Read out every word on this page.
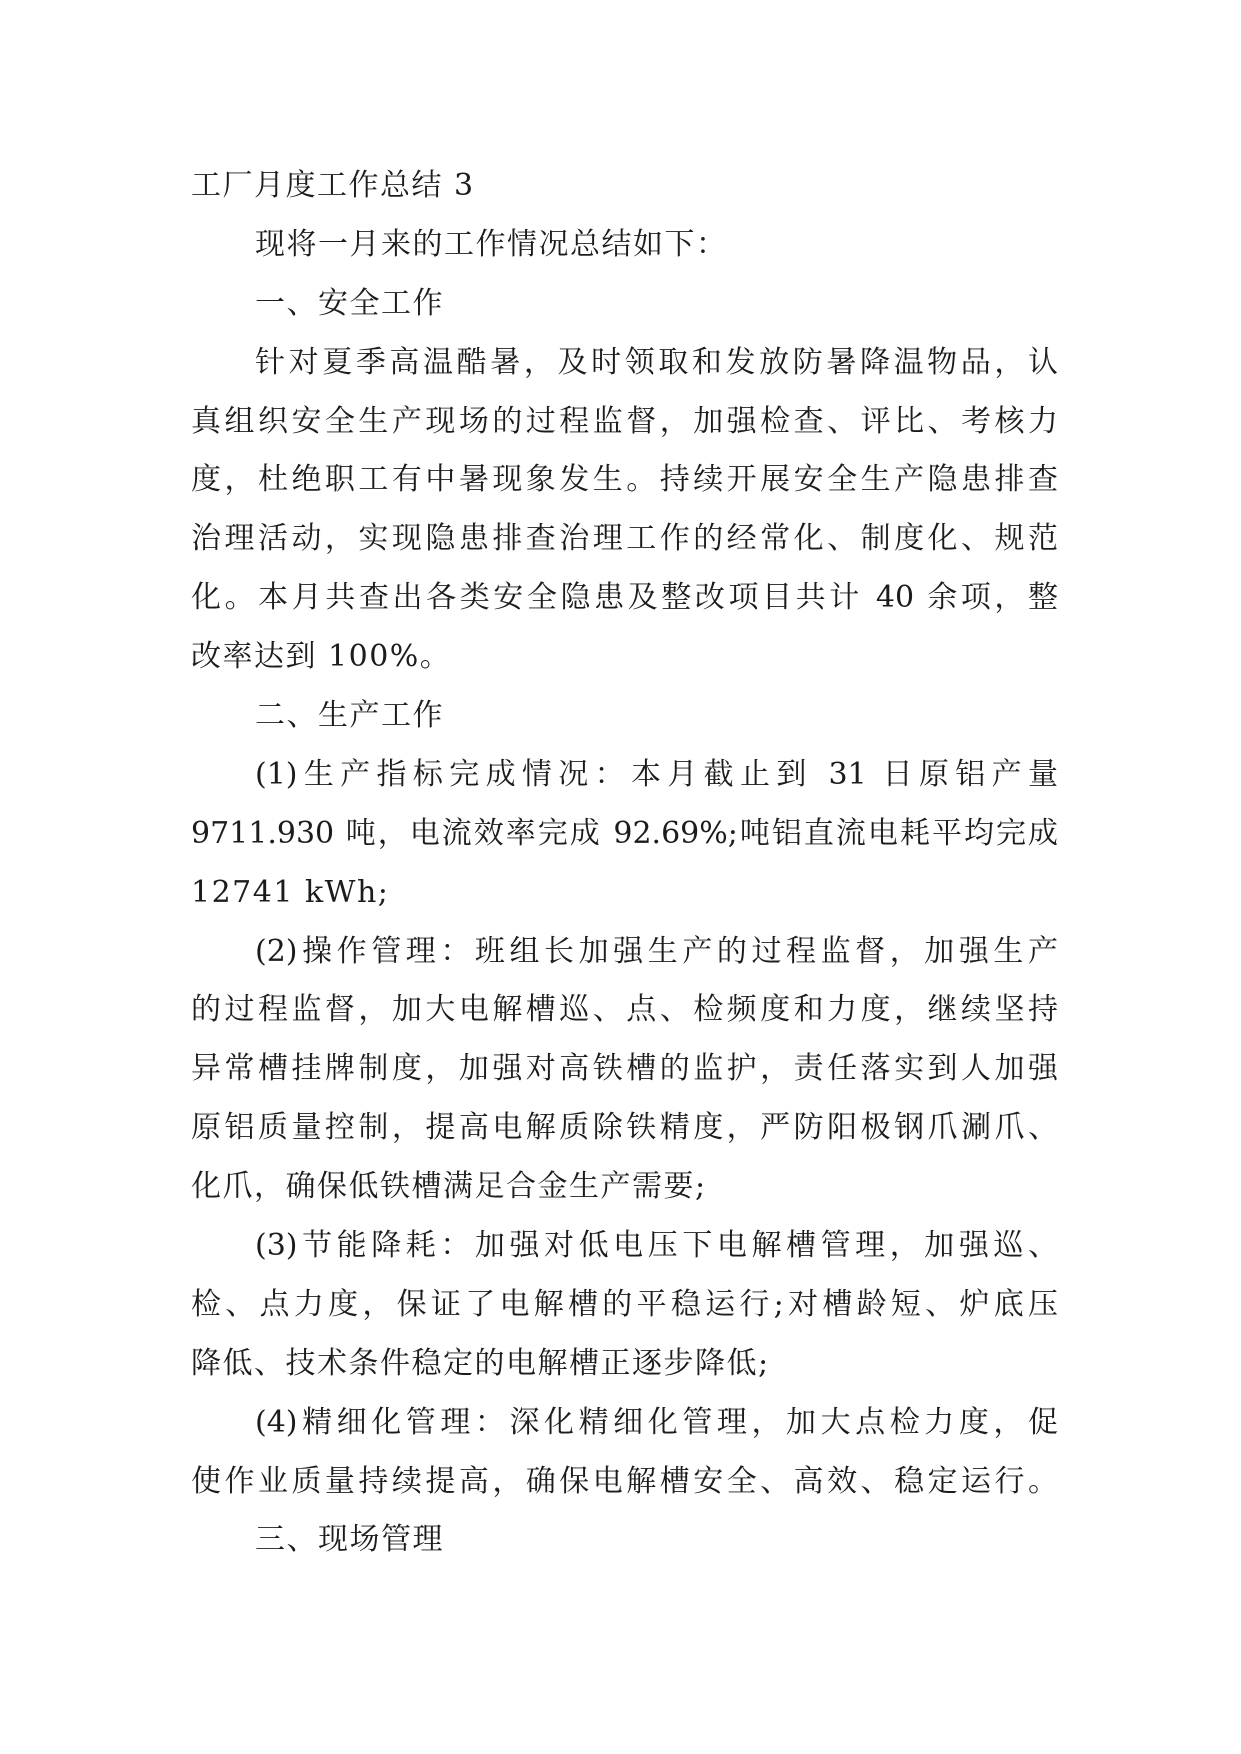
工厂月度工作总结 3
现将一月来的工作情况总结如下：
一、安全工作
针对夏季高温酷暑，及时领取和发放防暑降温物品，认
真组织安全生产现场的过程监督，加强检查、评比、考核力
度，杜绝职工有中暑现象发生。持续开展安全生产隐患排查
治理活动，实现隐患排查治理工作的经常化、制度化、规范
化。本月共查出各类安全隐患及整改项目共计 40 余项，整
改率达到 100%。
二、生产工作
(1)生产指标完成情况：本月截止到 31 日原铝产量
9711.930 吨，电流效率完成 92.69%;吨铝直流电耗平均完成
12741 kWh;
(2)操作管理：班组长加强生产的过程监督，加强生产
的过程监督，加大电解槽巡、点、检频度和力度，继续坚持
异常槽挂牌制度，加强对高铁槽的监护，责任落实到人加强
原铝质量控制，提高电解质除铁精度，严防阳极钢爪涮爪、
化爪，确保低铁槽满足合金生产需要;
(3)节能降耗：加强对低电压下电解槽管理，加强巡、
检、点力度，保证了电解槽的平稳运行;对槽龄短、炉底压
降低、技术条件稳定的电解槽正逐步降低;
(4)精细化管理：深化精细化管理，加大点检力度，促
使作业质量持续提高，确保电解槽安全、高效、稳定运行。
三、现场管理
